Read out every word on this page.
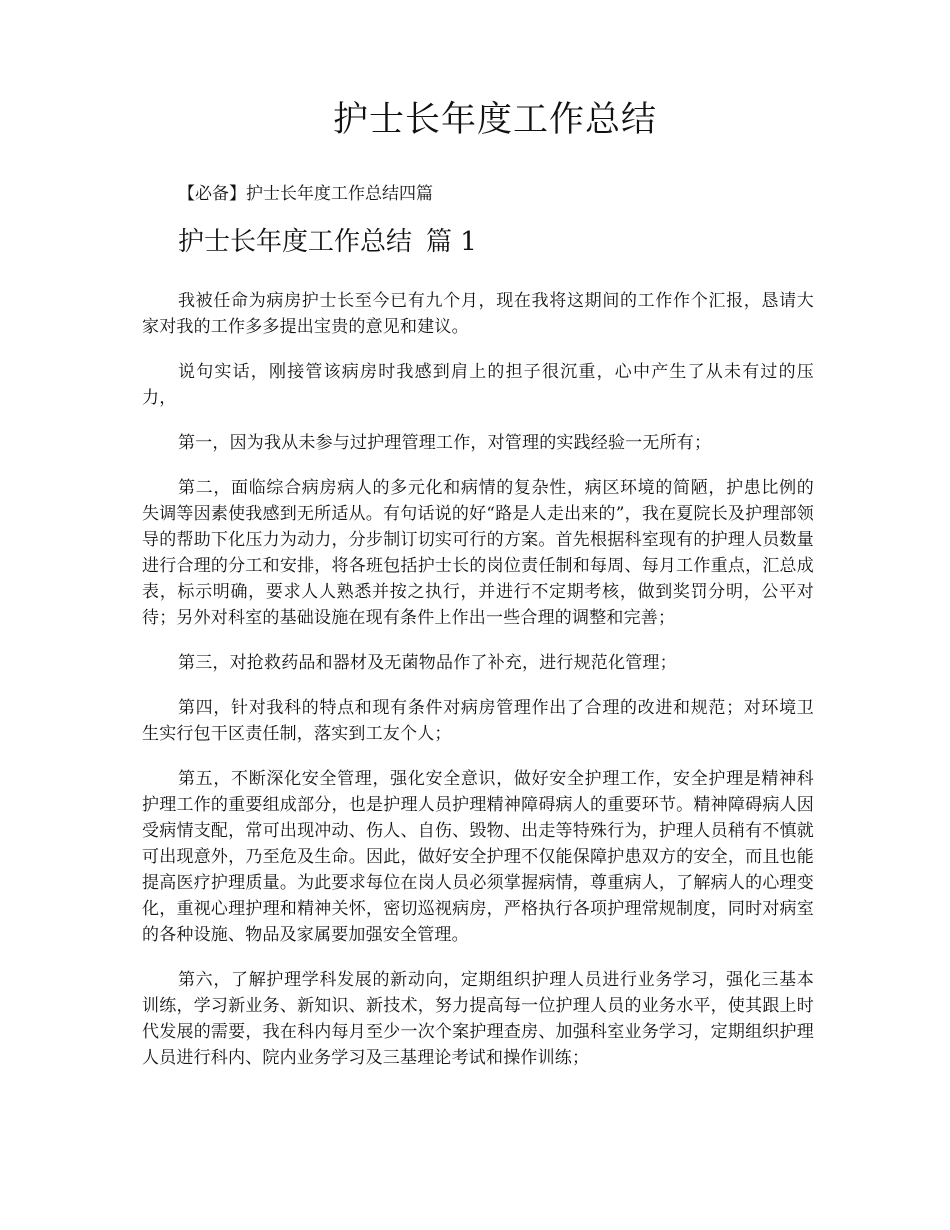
护士长年度工作总结

【必备】护士长年度工作总结四篇

护士长年度工作总结 篇 1

我被任命为病房护士长至今已有九个月，现在我将这期间的工作作个汇报，恳请大家对我的工作多多提出宝贵的意见和建议。

说句实话，刚接管该病房时我感到肩上的担子很沉重，心中产生了从未有过的压力，

第一，因为我从未参与过护理管理工作，对管理的实践经验一无所有；

第二，面临综合病房病人的多元化和病情的复杂性，病区环境的简陋，护患比例的失调等因素使我感到无所适从。有句话说的好“路是人走出来的”，我在夏院长及护理部领导的帮助下化压力为动力，分步制订切实可行的方案。首先根据科室现有的护理人员数量进行合理的分工和安排，将各班包括护士长的岗位责任制和每周、每月工作重点，汇总成表，标示明确，要求人人熟悉并按之执行，并进行不定期考核，做到奖罚分明，公平对待；另外对科室的基础设施在现有条件上作出一些合理的调整和完善；

第三，对抢救药品和器材及无菌物品作了补充，进行规范化管理；

第四，针对我科的特点和现有条件对病房管理作出了合理的改进和规范；对环境卫生实行包干区责任制，落实到工友个人；

第五，不断深化安全管理，强化安全意识，做好安全护理工作，安全护理是精神科护理工作的重要组成部分，也是护理人员护理精神障碍病人的重要环节。精神障碍病人因受病情支配，常可出现冲动、伤人、自伤、毁物、出走等特殊行为，护理人员稍有不慎就可出现意外，乃至危及生命。因此，做好安全护理不仅能保障护患双方的安全，而且也能提高医疗护理质量。为此要求每位在岗人员必须掌握病情，尊重病人，了解病人的心理变化，重视心理护理和精神关怀，密切巡视病房，严格执行各项护理常规制度，同时对病室的各种设施、物品及家属要加强安全管理。

第六，了解护理学科发展的新动向，定期组织护理人员进行业务学习，强化三基本训练，学习新业务、新知识、新技术，努力提高每一位护理人员的业务水平，使其跟上时代发展的需要，我在科内每月至少一次个案护理查房、加强科室业务学习，定期组织护理人员进行科内、院内业务学习及三基理论考试和操作训练；
